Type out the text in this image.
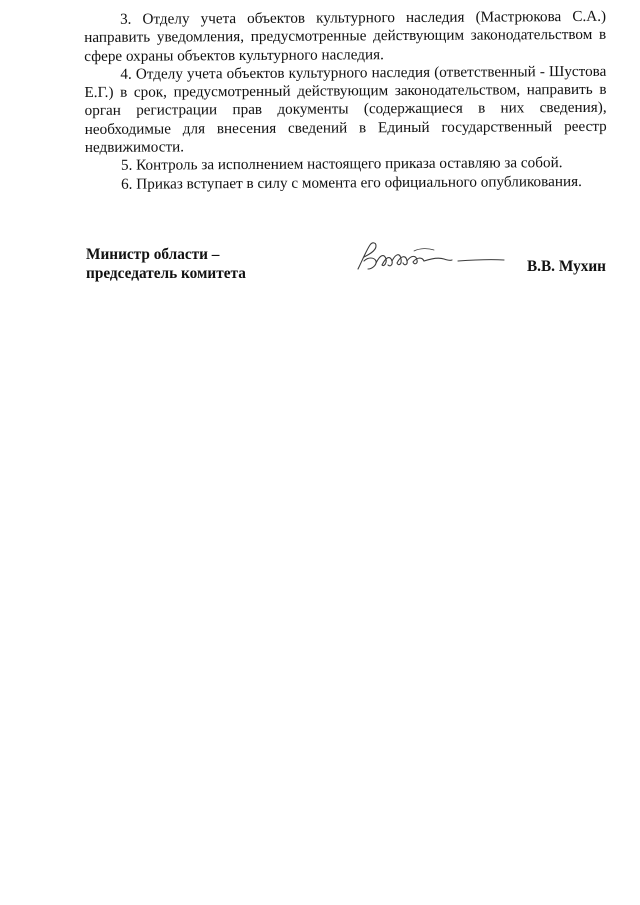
3. Отделу учета объектов культурного наследия (Мастрюкова С.А.) направить уведомления, предусмотренные действующим законодательством в сфере охраны объектов культурного наследия.

4. Отделу учета объектов культурного наследия (ответственный - Шустова Е.Г.) в срок, предусмотренный действующим законодательством, направить в орган регистрации прав документы (содержащиеся в них сведения), необходимые для внесения сведений в Единый государственный реестр недвижимости.

5. Контроль за исполнением настоящего приказа оставляю за собой.

6. Приказ вступает в силу с момента его официального опубликования.

Министр области –
председатель комитета	В.В. Мухин
